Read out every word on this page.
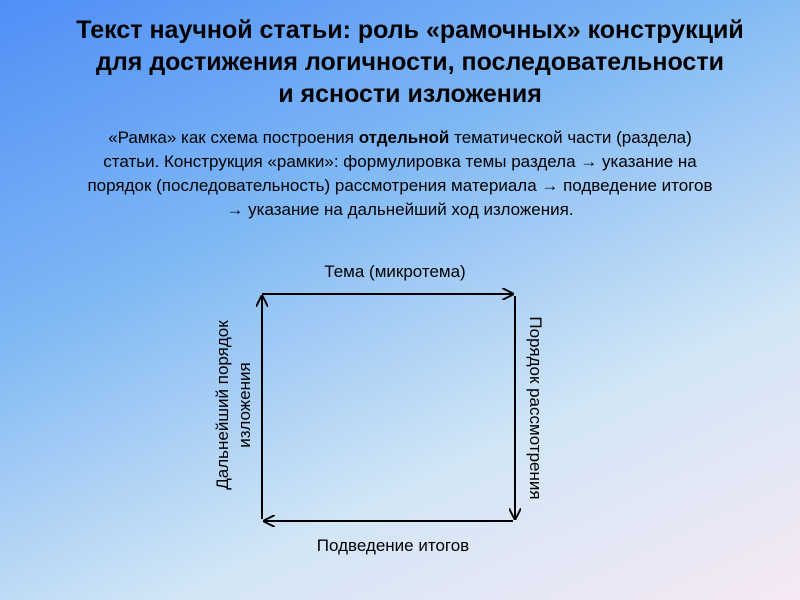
Текст научной статьи: роль «рамочных» конструкций
для достижения логичности, последовательности
и ясности изложения
«Рамка» как схема построения отдельной тематической части (раздела)
статьи. Конструкция «рамки»: формулировка темы раздела → указание на
порядок (последовательность) рассмотрения материала → подведение итогов
→ указание на дальнейший ход изложения.
Тема (микротема)
Порядок рассмотрения
Подведение итогов
Дальнейший порядок изложения
